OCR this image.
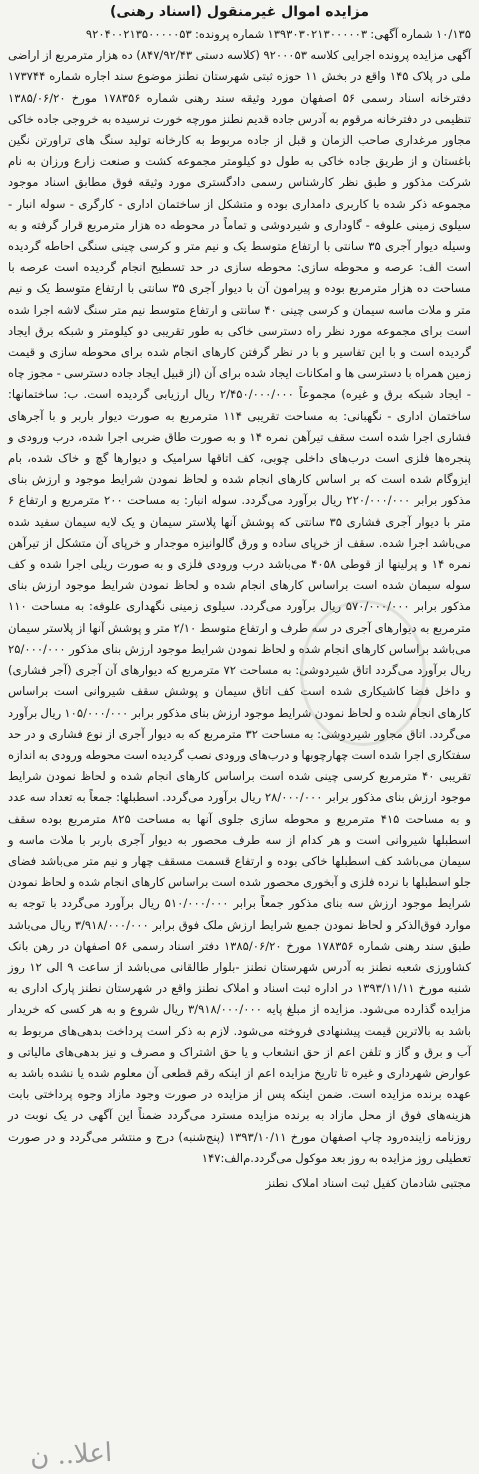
مزایده اموال غیرمنقول (اسناد رهنی)

۱۰/۱۳۵ شماره آگهی: ۱۳۹۳۰۳۰۲۱۳۰۰۰۰۰۳ شماره پرونده: ۹۲۰۴۰۰۲۱۳۵۰۰۰۰۰۵۳

آگهی مزایده پرونده اجرایی کلاسه ۹۲۰۰۰۵۳ (کلاسه دستی ۸۴۷/۹۲/۴۳) ده هزار مترمربع از اراضی ملی در پلاک ۱۴۵ واقع در بخش ۱۱ حوزه ثبتی شهرستان نطنز موضوع سند اجاره شماره ۱۷۳۷۴۴ دفترخانه اسناد رسمی ۵۶ اصفهان مورد وثیقه سند رهنی شماره ۱۷۸۳۵۶ مورخ ۱۳۸۵/۰۶/۲۰ تنظیمی در دفترخانه مرقوم به آدرس جاده قدیم نطنز مورچه خورت نرسیده به خروجی جاده خاکی مجاور مرغداری صاحب الزمان و قبل از جاده مربوط به کارخانه تولید سنگ های تراورتن نگین باغستان و از طریق جاده خاکی به طول دو کیلومتر مجموعه کشت و صنعت زارع ورزان به نام شرکت مذکور و طبق نظر کارشناس رسمی دادگستری مورد وثیقه فوق مطابق اسناد موجود مجموعه ذکر شده با کاربری دامداری بوده و متشکل از ساختمان اداری - کارگری - سوله انبار - سیلوی زمینی علوفه - گاوداری و شیردوشی و تماماً در محوطه ده هزار مترمربع قرار گرفته و به وسیله دیوار آجری ۳۵ سانتی با ارتفاع متوسط یک و نیم متر و کرسی چینی سنگی احاطه گردیده است الف: عرصه و محوطه سازی: محوطه سازی در حد تسطیح انجام گردیده است عرصه با مساحت ده هزار مترمربع بوده و پیرامون آن با دیوار آجری ۳۵ سانتی با ارتفاع متوسط یک و نیم متر و ملات ماسه سیمان و کرسی چینی ۴۰ سانتی و ارتفاع متوسط نیم متر سنگ لاشه اجرا شده است برای مجموعه مورد نظر راه دسترسی خاکی به طور تقریبی دو کیلومتر و شبکه برق ایجاد گردیده است و با این تفاسیر و با در نظر گرفتن کارهای انجام شده برای محوطه سازی و قیمت زمین همراه با دسترسی ها و امکانات ایجاد شده برای آن (از قبیل ایجاد جاده دسترسی - مجوز چاه - ایجاد شبکه برق و غیره) مجموعاً ۲/۴۵۰/۰۰۰/۰۰۰ ریال ارزیابی گردیده است. ب: ساختمانها: ساختمان اداری - نگهبانی: به مساحت تقریبی ۱۱۴ مترمربع به صورت دیوار باربر و با آجرهای فشاری اجرا شده است سقف تیرآهن نمره ۱۴ و به صورت طاق ضربی اجرا شده، درب ورودی و پنجره‌ها فلزی است درب‌های داخلی چوبی، کف اتاقها سرامیک و دیوارها گچ و خاک شده، بام ایزوگام شده است که بر اساس کارهای انجام شده و لحاظ نمودن شرایط موجود و ارزش بنای مذکور برابر ۲۲۰/۰۰۰/۰۰۰ ریال برآورد می‌گردد. سوله انبار: به مساحت ۲۰۰ مترمربع و ارتفاع ۶ متر با دیوار آجری فشاری ۳۵ سانتی که پوشش آنها پلاستر سیمان و یک لایه سیمان سفید شده می‌باشد اجرا شده. سقف از خرپای ساده و ورق گالوانیزه موجدار و خرپای آن متشکل از تیرآهن نمره ۱۴ و پرلینها از قوطی ۴۰۵۸ می‌باشد درب ورودی فلزی و به صورت ریلی اجرا شده و کف سوله سیمان شده است براساس کارهای انجام شده و لحاظ نمودن شرایط موجود ارزش بنای مذکور برابر ۵۷۰/۰۰۰/۰۰۰ ریال برآورد می‌گردد. سیلوی زمینی نگهداری علوفه: به مساحت ۱۱۰ مترمربع به دیوارهای آجری در سه طرف و ارتفاع متوسط ۲/۱۰ متر و پوشش آنها از پلاستر سیمان می‌باشد براساس کارهای انجام شده و لحاظ نمودن شرایط موجود ارزش بنای مذکور ۲۵/۰۰۰/۰۰۰ ریال برآورد می‌گردد اتاق شیردوشی: به مساحت ۷۲ مترمربع که دیوارهای آن آجری (آجر فشاری) و داخل فضا کاشیکاری شده است کف اتاق سیمان و پوشش سقف شیروانی است براساس کارهای انجام شده و لحاظ نمودن شرایط موجود ارزش بنای مذکور برابر ۱۰۵/۰۰۰/۰۰۰ ریال برآورد می‌گردد. اتاق مجاور شیردوشی: به مساحت ۳۲ مترمربع که به دیوار آجری از نوع فشاری و در حد سفتکاری اجرا شده است چهارچوبها و درب‌های ورودی نصب گردیده است محوطه ورودی به اندازه تقریبی ۴۰ مترمربع کرسی چینی شده است براساس کارهای انجام شده و لحاظ نمودن شرایط موجود ارزش بنای مذکور برابر ۲۸/۰۰۰/۰۰۰ ریال برآورد می‌گردد. اسطبلها: جمعاً به تعداد سه عدد و به مساحت ۴۱۵ مترمربع و محوطه سازی جلوی آنها به مساحت ۸۲۵ مترمربع بوده سقف اسطبلها شیروانی است و هر کدام از سه طرف محصور به دیوار آجری باربر با ملات ماسه و سیمان می‌باشد کف اسطبلها خاکی بوده و ارتفاع قسمت مسقف چهار و نیم متر می‌باشد فضای جلو اسطبلها با نرده فلزی و آبخوری محصور شده است براساس کارهای انجام شده و لحاظ نمودن شرایط موجود ارزش سه بنای مذکور جمعاً برابر ۵۱۰/۰۰۰/۰۰۰ ریال برآورد می‌گردد با توجه به موارد فوق‌الذکر و لحاظ نمودن جمیع شرایط ارزش ملک فوق برابر ۳/۹۱۸/۰۰۰/۰۰۰ ریال می‌باشد طبق سند رهنی شماره ۱۷۸۳۵۶ مورخ ۱۳۸۵/۰۶/۲۰ دفتر اسناد رسمی ۵۶ اصفهان در رهن بانک کشاورزی شعبه نطنز به آدرس شهرستان نطنز -بلوار طالقانی می‌باشد از ساعت ۹ الی ۱۲ روز شنبه مورخ ۱۳۹۳/۱۱/۱۱ در اداره ثبت اسناد و املاک نطنز واقع در شهرستان نطنز پارک اداری به مزایده گذارده می‌شود. مزایده از مبلغ پایه ۳/۹۱۸/۰۰۰/۰۰۰ ریال شروع و به هر کسی که خریدار باشد به بالاترین قیمت پیشنهادی فروخته می‌شود. لازم به ذکر است پرداخت بدهی‌های مربوط به آب و برق و گاز و تلفن اعم از حق انشعاب و یا حق اشتراک و مصرف و نیز بدهی‌های مالیاتی و عوارض شهرداری و غیره تا تاریخ مزایده اعم از اینکه رقم قطعی آن معلوم شده یا نشده باشد به عهده برنده مزایده است. ضمن اینکه پس از مزایده در صورت وجود مازاد وجوه پرداختی بابت هزینه‌های فوق از محل مازاد به برنده مزایده مسترد می‌گردد ضمناً این آگهی در یک نوبت در روزنامه زاینده‌رود چاپ اصفهان مورخ ۱۳۹۳/۱۰/۱۱ (پنج‌شنبه) درج و منتشر می‌گردد و در صورت تعطیلی روز مزایده به روز بعد موکول می‌گردد.م‌الف:۱۴۷

مجتبی شادمان کفیل ثبت اسناد املاک نطنز
اعلا.. ن
